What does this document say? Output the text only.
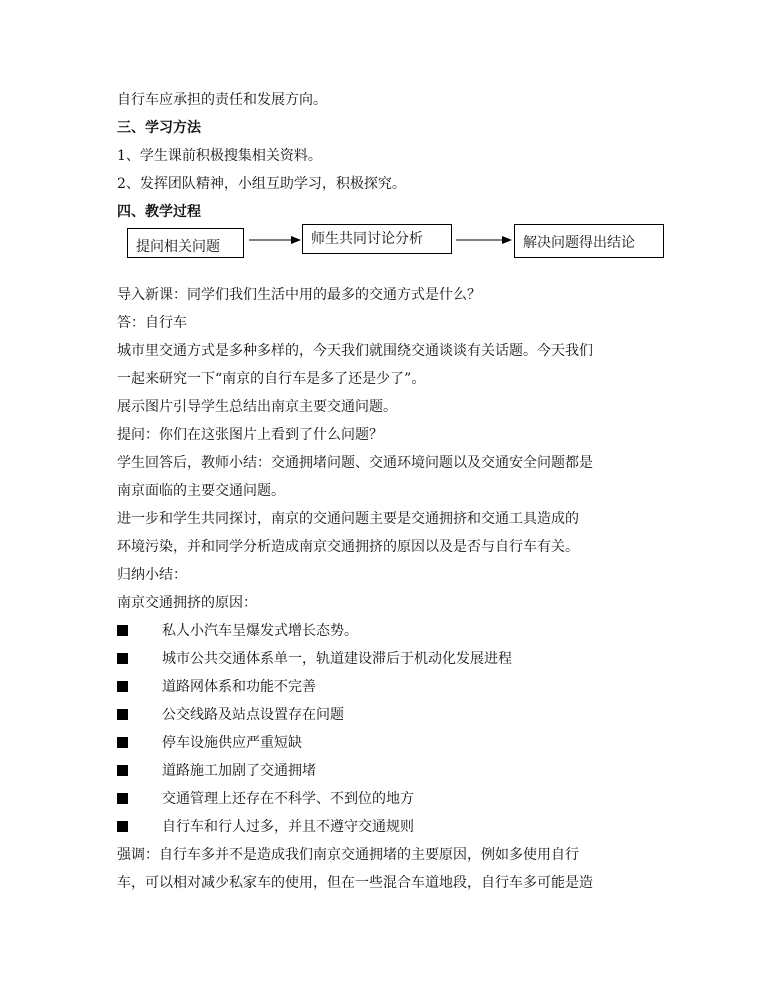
自行车应承担的责任和发展方向。
三、学习方法
1、学生课前积极搜集相关资料。
2、发挥团队精神，小组互助学习，积极探究。
四、教学过程
提问相关问题	师生共同讨论分析	解决问题得出结论
导入新课：同学们我们生活中用的最多的交通方式是什么？
答：自行车
城市里交通方式是多种多样的，今天我们就围绕交通谈谈有关话题。今天我们
一起来研究一下“南京的自行车是多了还是少了”。
展示图片引导学生总结出南京主要交通问题。
提问：你们在这张图片上看到了什么问题？
学生回答后，教师小结：交通拥堵问题、交通环境问题以及交通安全问题都是
南京面临的主要交通问题。
进一步和学生共同探讨，南京的交通问题主要是交通拥挤和交通工具造成的
环境污染，并和同学分析造成南京交通拥挤的原因以及是否与自行车有关。
归纳小结：
南京交通拥挤的原因：
私人小汽车呈爆发式增长态势。
城市公共交通体系单一，轨道建设滞后于机动化发展进程
道路网体系和功能不完善
公交线路及站点设置存在问题
停车设施供应严重短缺
道路施工加剧了交通拥堵
交通管理上还存在不科学、不到位的地方
自行车和行人过多，并且不遵守交通规则
强调：自行车多并不是造成我们南京交通拥堵的主要原因，例如多使用自行
车，可以相对减少私家车的使用，但在一些混合车道地段，自行车多可能是造
